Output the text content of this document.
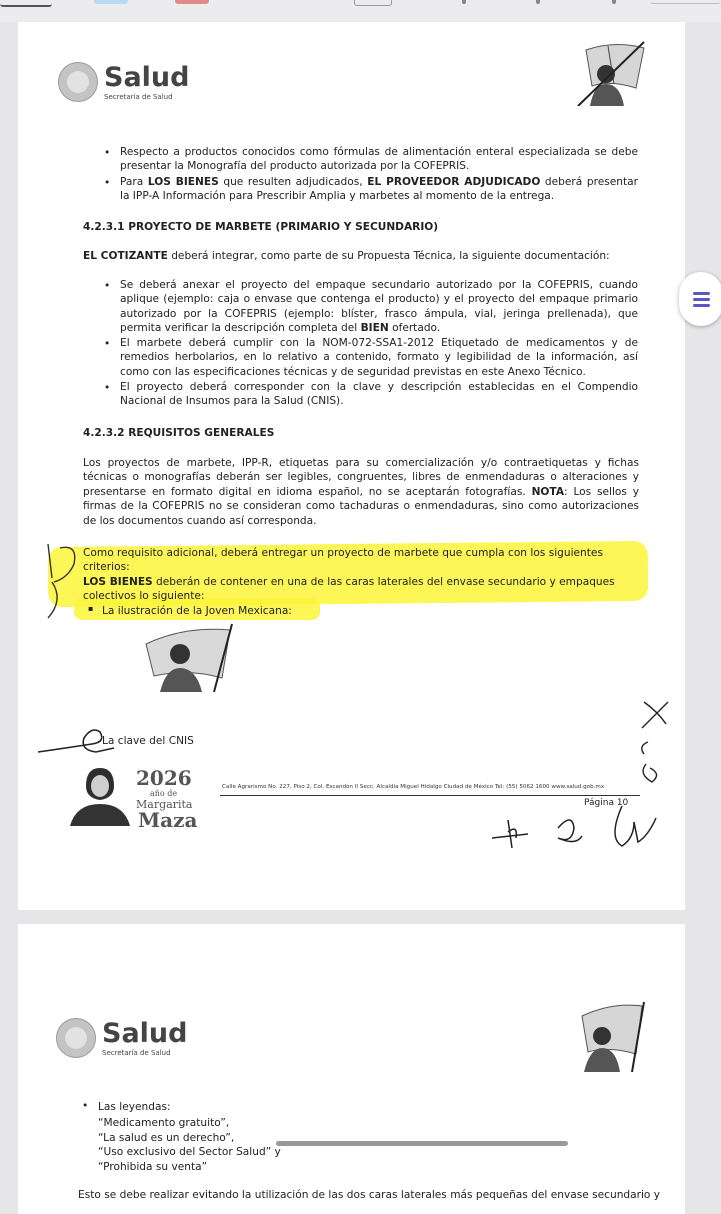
Salud
Secretaría de Salud
• Respecto a productos conocidos como fórmulas de alimentación enteral especializada se debe presentar la Monografía del producto autorizada por la COFEPRIS.
• Para LOS BIENES que resulten adjudicados, EL PROVEEDOR ADJUDICADO deberá presentar la IPP-A Información para Prescribir Amplia y marbetes al momento de la entrega.
4.2.3.1 PROYECTO DE MARBETE (PRIMARIO Y SECUNDARIO)
EL COTIZANTE deberá integrar, como parte de su Propuesta Técnica, la siguiente documentación:
• Se deberá anexar el proyecto del empaque secundario autorizado por la COFEPRIS, cuando aplique (ejemplo: caja o envase que contenga el producto) y el proyecto del empaque primario autorizado por la COFEPRIS (ejemplo: blíster, frasco ámpula, vial, jeringa prellenada), que permita verificar la descripción completa del BIEN ofertado.
• El marbete deberá cumplir con la NOM-072-SSA1-2012 Etiquetado de medicamentos y de remedios herbolarios, en lo relativo a contenido, formato y legibilidad de la información, así como con las especificaciones técnicas y de seguridad previstas en este Anexo Técnico.
• El proyecto deberá corresponder con la clave y descripción establecidas en el Compendio Nacional de Insumos para la Salud (CNIS).
4.2.3.2 REQUISITOS GENERALES
Los proyectos de marbete, IPP-R, etiquetas para su comercialización y/o contraetiquetas y fichas técnicas o monografías deberán ser legibles, congruentes, libres de enmendaduras o alteraciones y presentarse en formato digital en idioma español, no se aceptarán fotografías. NOTA: Los sellos y firmas de la COFEPRIS no se consideran como tachaduras o enmendaduras, sino como autorizaciones de los documentos cuando así corresponda.
Como requisito adicional, deberá entregar un proyecto de marbete que cumpla con los siguientes criterios:
LOS BIENES deberán de contener en una de las caras laterales del envase secundario y empaques colectivos lo siguiente:
▪ La ilustración de la Joven Mexicana:
La clave del CNIS
2026
año de
Margarita
Maza
Calle Agrarismo No. 227, Piso 2, Col. Escandón II Secc. Alcaldía Miguel Hidalgo Ciudad de México Tel: (55) 5062 1600 www.salud.gob.mx
Página 10
Salud
Secretaría de Salud
• Las leyendas:
“Medicamento gratuito”,
“La salud es un derecho”,
“Uso exclusivo del Sector Salud” y
“Prohibida su venta”
Esto se debe realizar evitando la utilización de las dos caras laterales más pequeñas del envase secundario y
